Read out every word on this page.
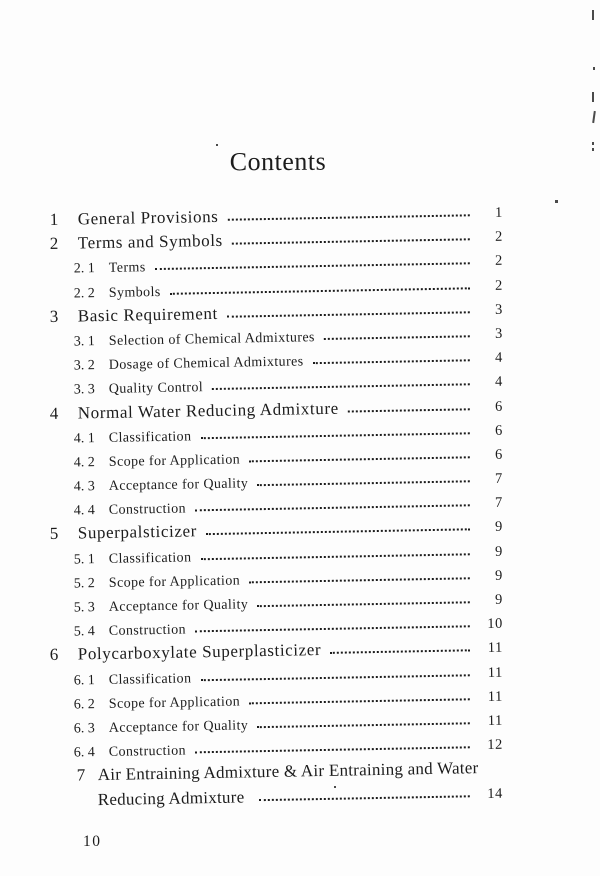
Contents
1	General Provisions	1
2	Terms and Symbols	2
2. 1 Terms	2
2. 2 Symbols	2
3	Basic Requirement	3
3. 1 Selection of Chemical Admixtures	3
3. 2 Dosage of Chemical Admixtures	4
3. 3 Quality Control	4
4	Normal Water Reducing Admixture	6
4. 1 Classification	6
4. 2 Scope for Application	6
4. 3 Acceptance for Quality	7
4. 4 Construction	7
5	Superpalsticizer	9
5. 1 Classification	9
5. 2 Scope for Application	9
5. 3 Acceptance for Quality	9
5. 4 Construction	10
6	Polycarboxylate Superplasticizer	11
6. 1 Classification	11
6. 2 Scope for Application	11
6. 3 Acceptance for Quality	11
6. 4 Construction	12
7 Air Entraining Admixture & Air Entraining and Water
Reducing Admixture	14
10
